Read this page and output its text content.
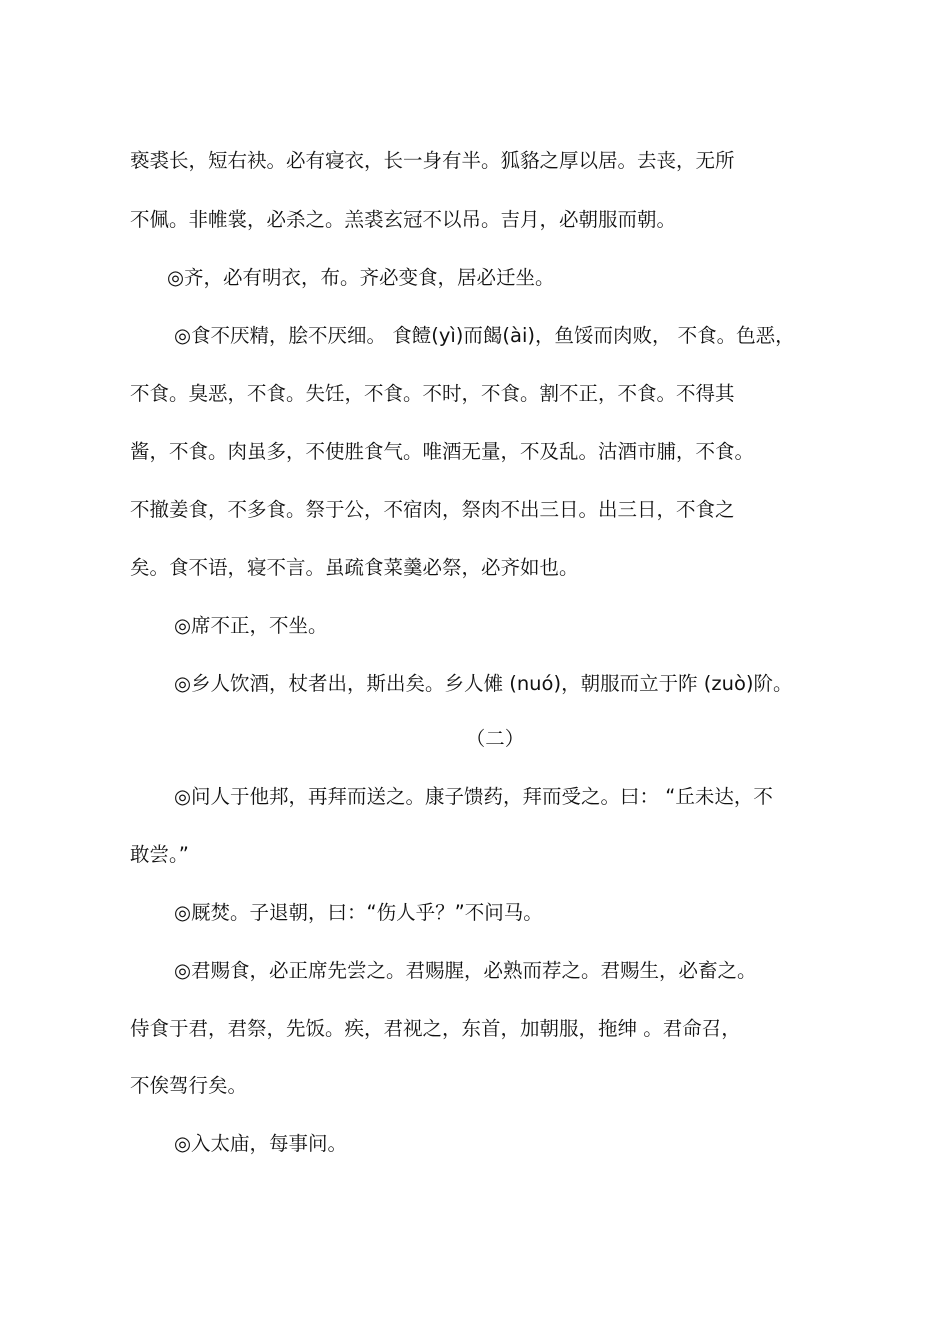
亵裘长，短右袂。必有寝衣，长一身有半。狐貉之厚以居。去丧，无所
不佩。非帷裳，必杀之。羔裘玄冠不以吊。吉月，必朝服而朝。
◎齐，必有明衣，布。齐必变食，居必迁坐。
◎食不厌精，脍不厌细。 食饐(yì)而餲(ài)，鱼馁而肉败， 不食。色恶，
不食。臭恶，不食。失饪，不食。不时，不食。割不正，不食。不得其
酱，不食。肉虽多，不使胜食气。唯酒无量，不及乱。沽酒市脯，不食。
不撤姜食，不多食。祭于公，不宿肉，祭肉不出三日。出三日，不食之
矣。食不语，寝不言。虽疏食菜羹必祭，必齐如也。
◎席不正，不坐。
◎乡人饮酒，杖者出，斯出矣。乡人傩 (nuó)，朝服而立于阼 (zuò)阶。
（二）
◎问人于他邦，再拜而送之。康子馈药，拜而受之。曰： “丘未达，不
敢尝。”
◎厩焚。子退朝，曰：“伤人乎？”不问马。
◎君赐食，必正席先尝之。君赐腥，必熟而荐之。君赐生，必畜之。
侍食于君，君祭，先饭。疾，君视之，东首，加朝服，拖绅 。君命召，
不俟驾行矣。
◎入太庙，每事问。
